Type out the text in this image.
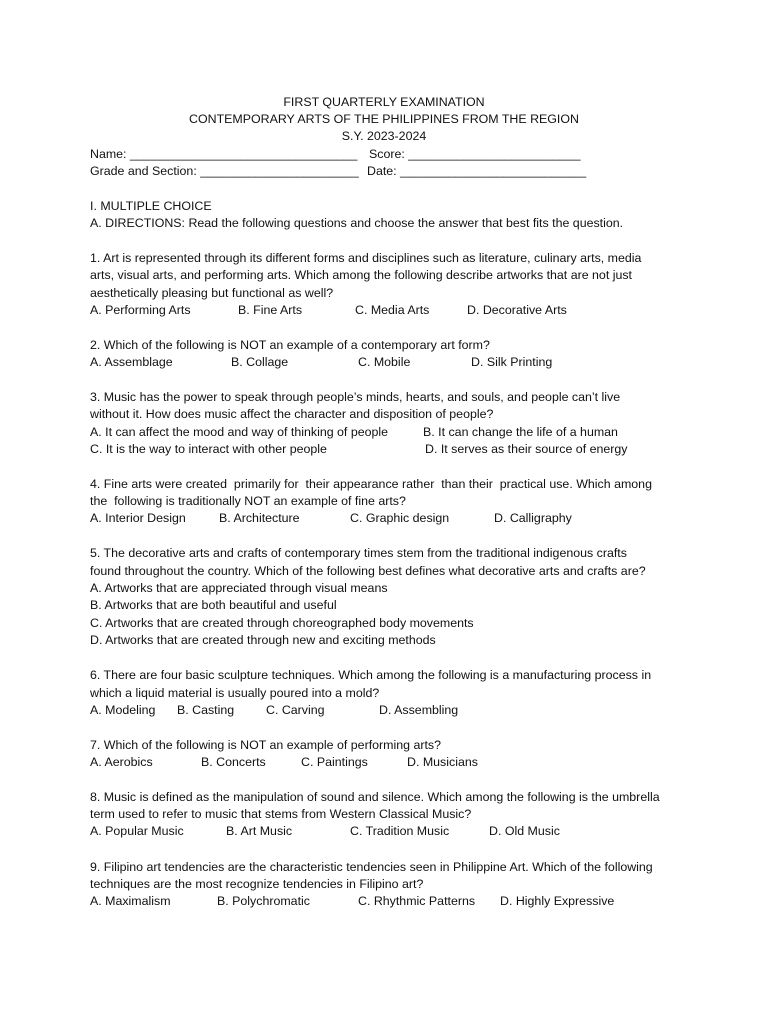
FIRST QUARTERLY EXAMINATION
CONTEMPORARY ARTS OF THE PHILIPPINES FROM THE REGION
S.Y. 2023-2024
Name: _________________________________ Score: _________________________
Grade and Section: _______________________ Date: ___________________________
I. MULTIPLE CHOICE
A. DIRECTIONS: Read the following questions and choose the answer that best fits the question.
1. Art is represented through its different forms and disciplines such as literature, culinary arts, media
arts, visual arts, and performing arts. Which among the following describe artworks that are not just
aesthetically pleasing but functional as well?
A. Performing Arts	B. Fine Arts	C. Media Arts	D. Decorative Arts
2. Which of the following is NOT an example of a contemporary art form?
A. Assemblage	B. Collage	C. Mobile	D. Silk Printing
3. Music has the power to speak through people’s minds, hearts, and souls, and people can’t live
without it. How does music affect the character and disposition of people?
A. It can affect the mood and way of thinking of people	B. It can change the life of a human
C. It is the way to interact with other people	D. It serves as their source of energy
4. Fine arts were created  primarily for  their appearance rather  than their  practical use. Which among
the  following is traditionally NOT an example of fine arts?
A. Interior Design	B. Architecture	C. Graphic design	D. Calligraphy
5. The decorative arts and crafts of contemporary times stem from the traditional indigenous crafts
found throughout the country. Which of the following best defines what decorative arts and crafts are?
A. Artworks that are appreciated through visual means
B. Artworks that are both beautiful and useful
C. Artworks that are created through choreographed body movements
D. Artworks that are created through new and exciting methods
6. There are four basic sculpture techniques. Which among the following is a manufacturing process in
which a liquid material is usually poured into a mold?
A. Modeling B. Casting	C. Carving	D. Assembling
7. Which of the following is NOT an example of performing arts?
A. Aerobics	B. Concerts	C. Paintings	D. Musicians
8. Music is defined as the manipulation of sound and silence. Which among the following is the umbrella
term used to refer to music that stems from Western Classical Music?
A. Popular Music	B. Art Music	C. Tradition Music	D. Old Music
9. Filipino art tendencies are the characteristic tendencies seen in Philippine Art. Which of the following
techniques are the most recognize tendencies in Filipino art?
A. Maximalism	B. Polychromatic	C. Rhythmic Patterns D. Highly Expressive
